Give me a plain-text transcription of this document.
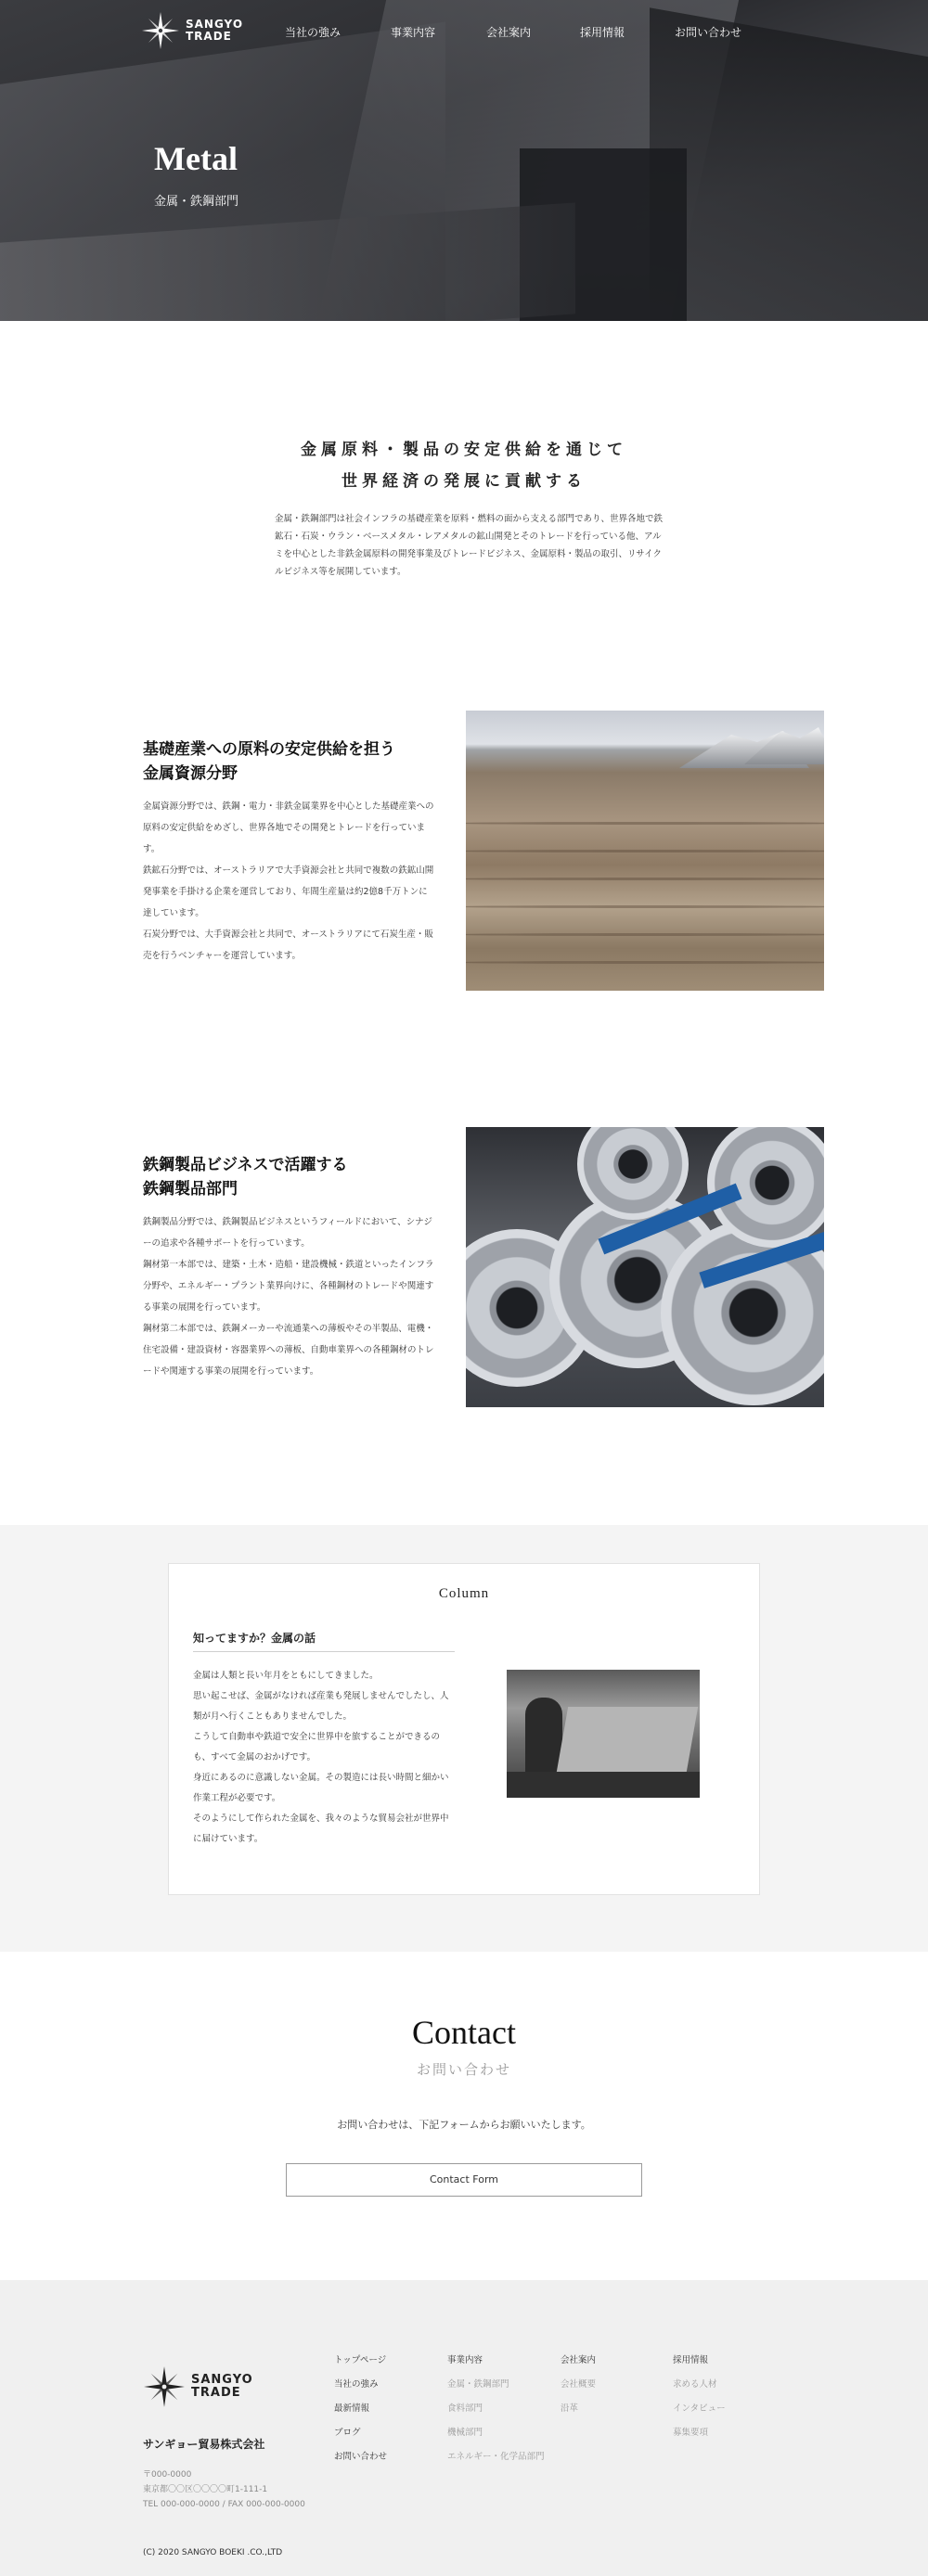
SANGYO
TRADE	当社の強み	事業内容	会社案内	採用情報	お問い合わせ
Metal
金属・鉄鋼部門
金属原料・製品の安定供給を通じて
世界経済の発展に貢献する

金属・鉄鋼部門は社会インフラの基礎産業を原料・燃料の面から支える部門であり、世界各地で鉄鉱石・石炭・ウラン・ベースメタル・レアメタルの鉱山開発とそのトレードを行っている他、アルミを中心とした非鉄金属原料の開発事業及びトレードビジネス、金属原料・製品の取引、リサイクルビジネス等を展開しています。

基礎産業への原料の安定供給を担う
金属資源分野

金属資源分野では、鉄鋼・電力・非鉄金属業界を中心とした基礎産業への原料の安定供給をめざし、世界各地でその開発とトレードを行っています。

鉄鉱石分野では、オーストラリアで大手資源会社と共同で複数の鉄鉱山開発事業を手掛ける企業を運営しており、年間生産量は約2億8千万トンに達しています。

石炭分野では、大手資源会社と共同で、オーストラリアにて石炭生産・販売を行うベンチャーを運営しています。

鉄鋼製品ビジネスで活躍する
鉄鋼製品部門

鉄鋼製品分野では、鉄鋼製品ビジネスというフィールドにおいて、シナジーの追求や各種サポートを行っています。

鋼材第一本部では、建築・土木・造船・建設機械・鉄道といったインフラ分野や、エネルギー・プラント業界向けに、各種鋼材のトレードや関連する事業の展開を行っています。

鋼材第二本部では、鉄鋼メーカーや流通業への薄板やその半製品、電機・住宅設備・建設資材・容器業界への薄板、自動車業界への各種鋼材のトレードや関連する事業の展開を行っています。

Column
知ってますか？金属の話

金属は人類と長い年月をともにしてきました。

思い起こせば、金属がなければ産業も発展しませんでしたし、人類が月へ行くこともありませんでした。

こうして自動車や鉄道で安全に世界中を旅することができるのも、すべて金属のおかげです。

身近にあるのに意識しない金属。その製造には長い時間と細かい作業工程が必要です。

そのようにして作られた金属を、我々のような貿易会社が世界中に届けています。

Contact
お問い合わせ
お問い合わせは、下記フォームからお願いいたします。
Contact Form
SANGYO
TRADE
サンギョー貿易株式会社
〒000-0000
東京都〇〇区〇〇〇〇町1-111-1
TEL 000-000-0000 / FAX 000-000-0000
トップページ
当社の強み
最新情報
ブログ
お問い合わせ
事業内容
金属・鉄鋼部門
食料部門
機械部門
エネルギー・化学品部門
会社案内
会社概要
沿革
採用情報
求める人材
インタビュー
募集要項
(C) 2020 SANGYO BOEKI .CO.,LTD
